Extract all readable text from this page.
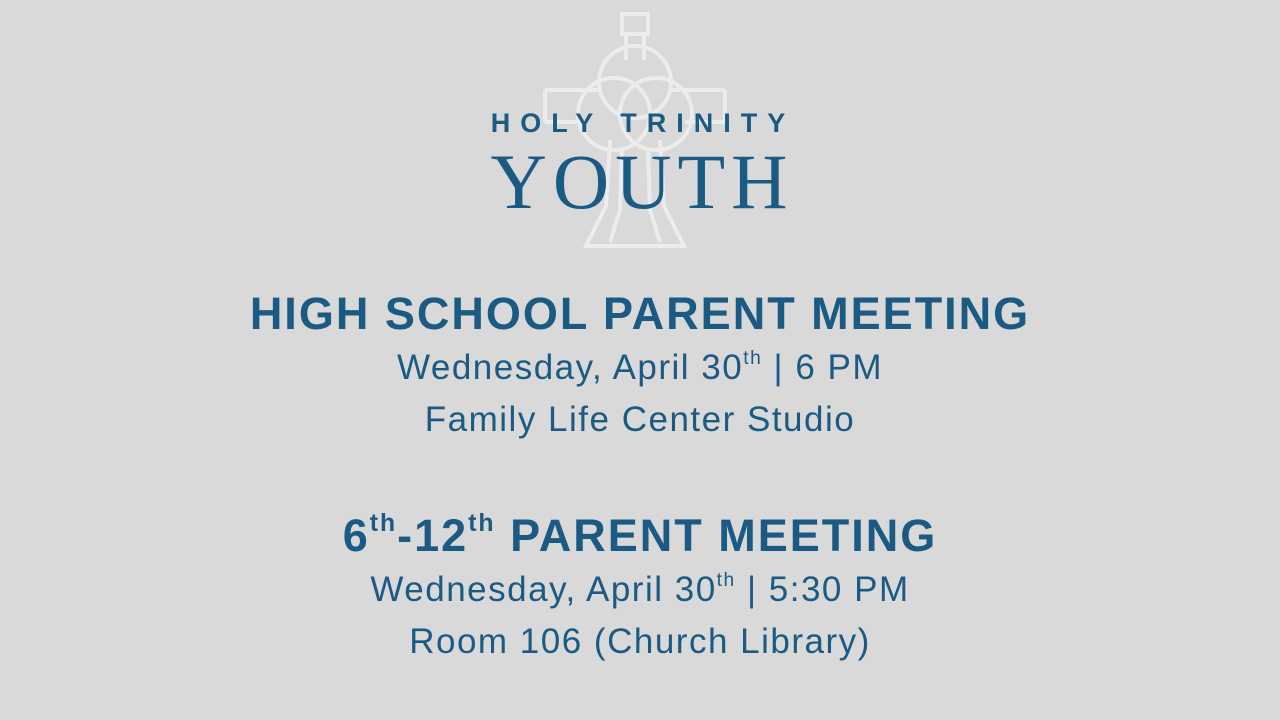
HOLY TRINITY
YOUTH

HIGH SCHOOL PARENT MEETING

Wednesday, April 30th | 6 PM

Family Life Center Studio

6th-12th PARENT MEETING

Wednesday, April 30th | 5:30 PM

Room 106 (Church Library)
